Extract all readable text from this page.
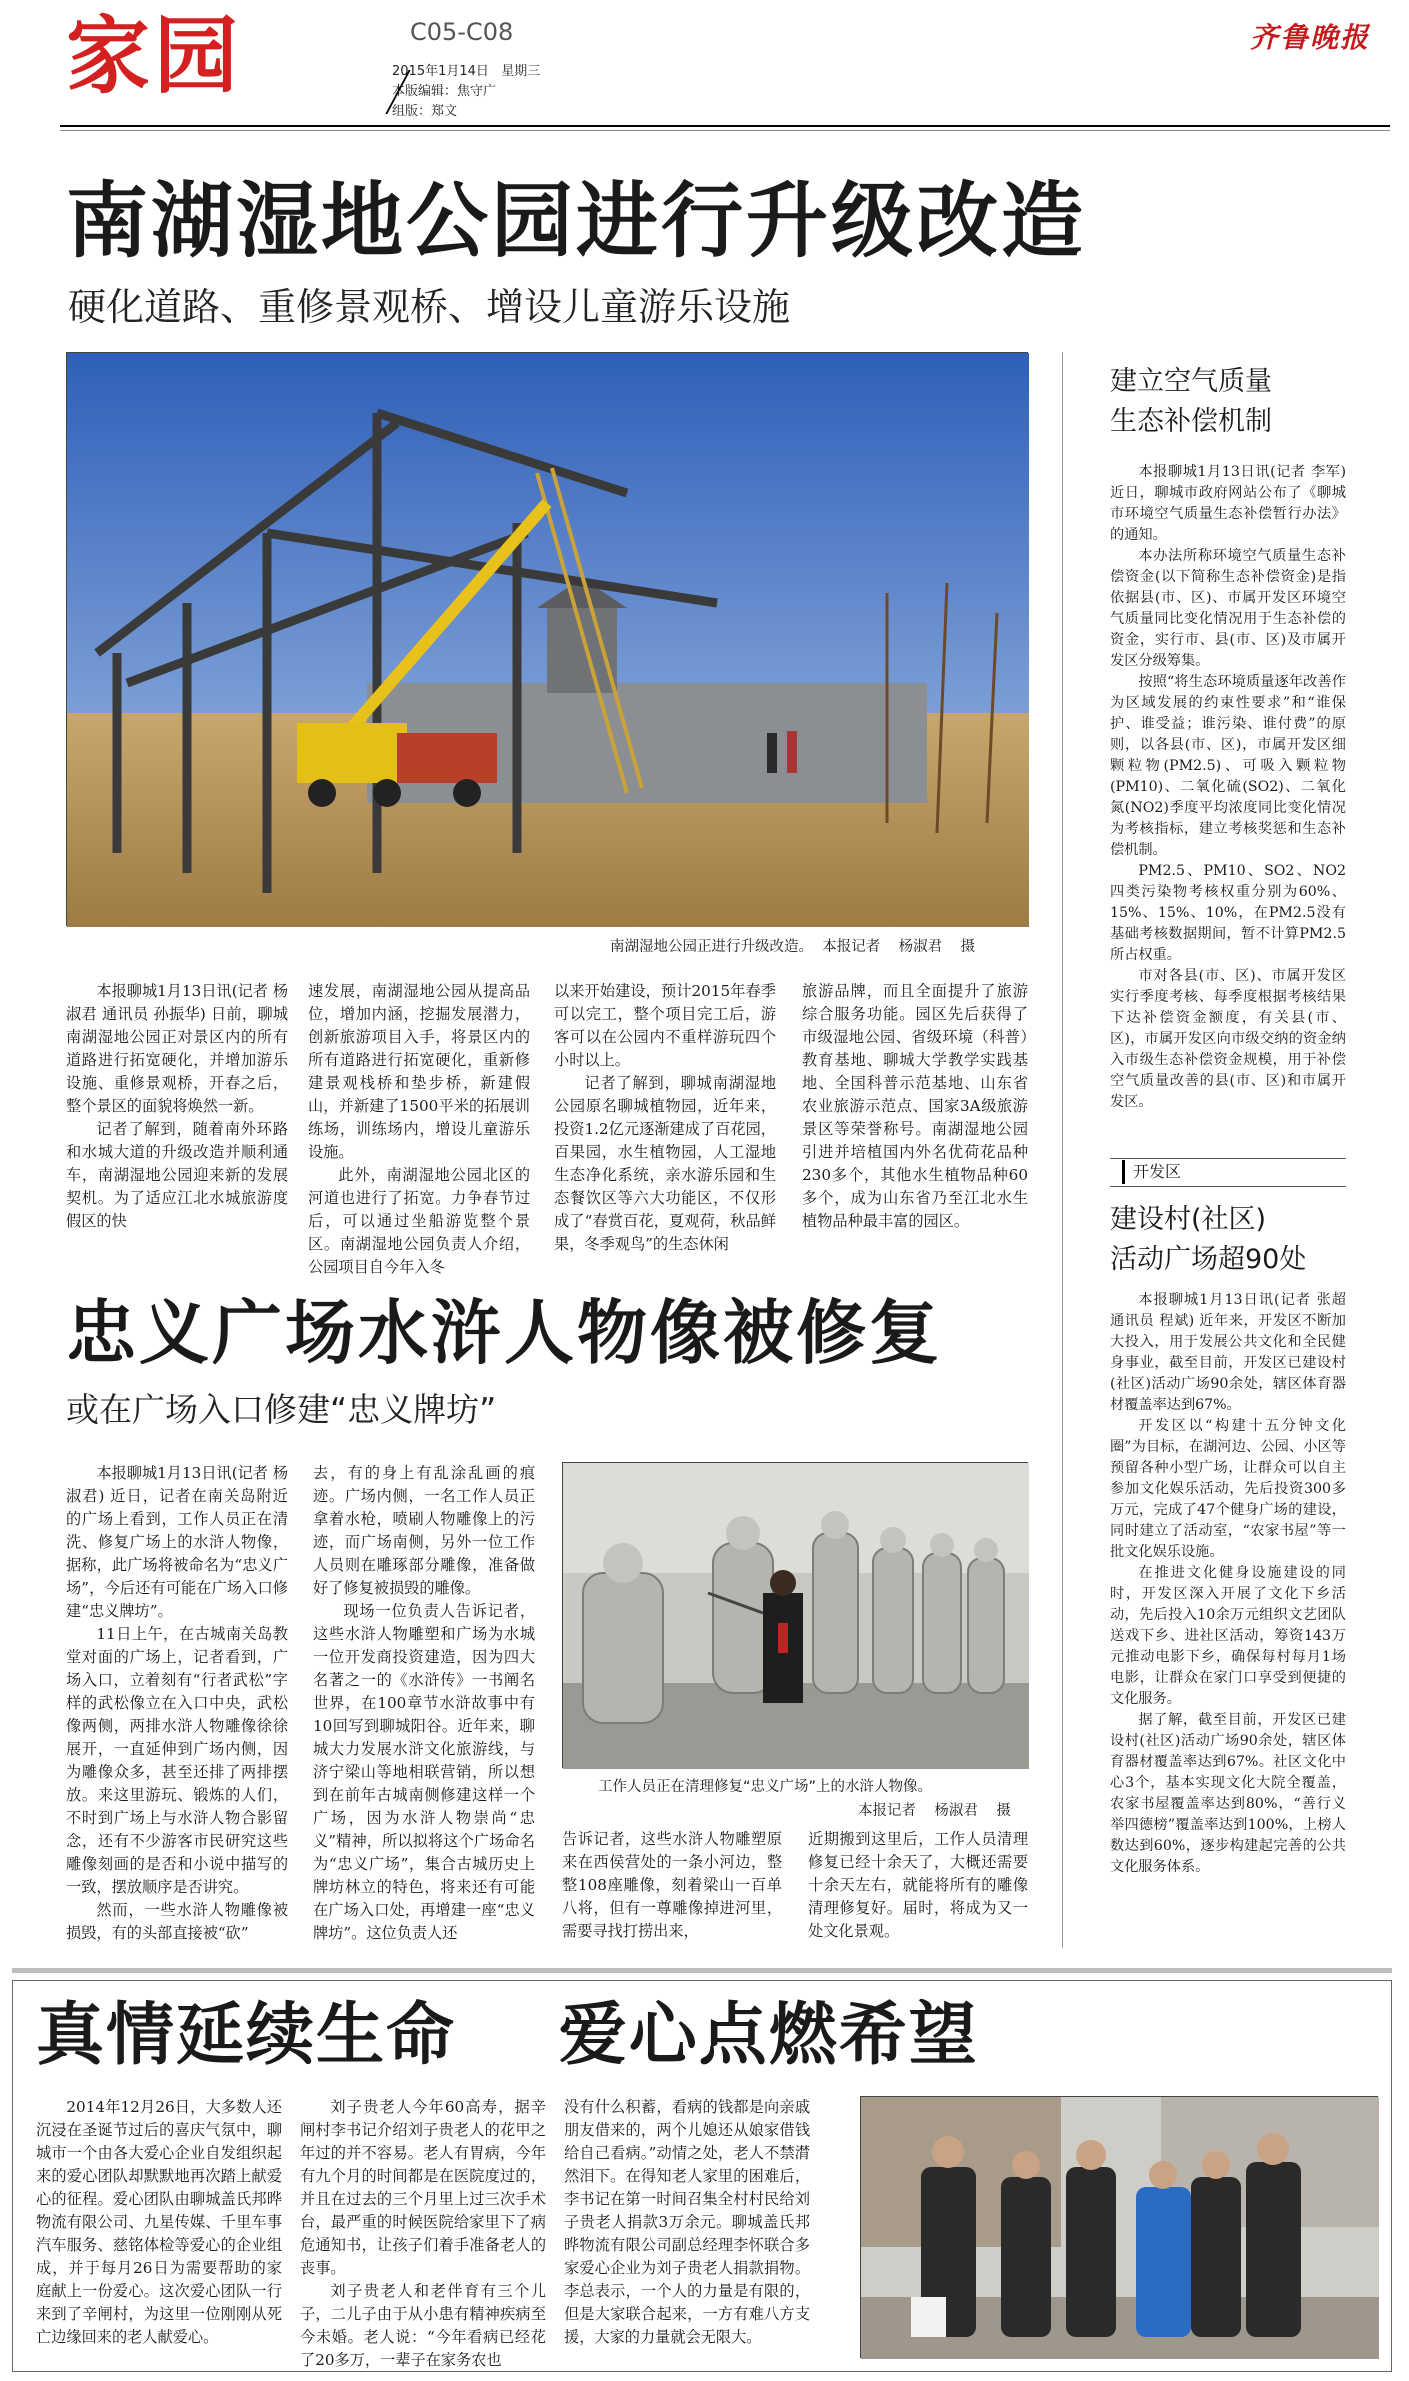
家园	C05-C08
2015年1月14日   星期三
本版编辑：焦守广
组版：郑文
齐鲁晚报
南湖湿地公园进行升级改造
硬化道路、重修景观桥、增设儿童游乐设施
南湖湿地公园正进行升级改造。  本报记者    杨淑君    摄

本报聊城1月13日讯(记者 杨淑君 通讯员 孙振华) 日前，聊城南湖湿地公园正对景区内的所有道路进行拓宽硬化，并增加游乐设施、重修景观桥，开春之后，整个景区的面貌将焕然一新。

记者了解到，随着南外环路和水城大道的升级改造并顺利通车，南湖湿地公园迎来新的发展契机。为了适应江北水城旅游度假区的快

速发展，南湖湿地公园从提高品位，增加内涵，挖掘发展潜力，创新旅游项目入手，将景区内的所有道路进行拓宽硬化，重新修建景观栈桥和垫步桥，新建假山，并新建了1500平米的拓展训练场，训练场内，增设儿童游乐设施。

此外，南湖湿地公园北区的河道也进行了拓宽。力争春节过后，可以通过坐船游览整个景区。南湖湿地公园负责人介绍，公园项目自今年入冬

以来开始建设，预计2015年春季可以完工，整个项目完工后，游客可以在公园内不重样游玩四个小时以上。

记者了解到，聊城南湖湿地公园原名聊城植物园，近年来，投资1.2亿元逐渐建成了百花园，百果园，水生植物园，人工湿地生态净化系统，亲水游乐园和生态餐饮区等六大功能区，不仅形成了“春赏百花，夏观荷，秋品鲜果，冬季观鸟”的生态休闲

旅游品牌，而且全面提升了旅游综合服务功能。园区先后获得了市级湿地公园、省级环境（科普）教育基地、聊城大学教学实践基地、全国科普示范基地、山东省农业旅游示范点、国家3A级旅游景区等荣誉称号。南湖湿地公园引进并培植国内外名优荷花品种230多个，其他水生植物品种60多个，成为山东省乃至江北水生植物品种最丰富的园区。

忠义广场水浒人物像被修复
或在广场入口修建“忠义牌坊”

本报聊城1月13日讯(记者 杨淑君) 近日，记者在南关岛附近的广场上看到，工作人员正在清洗、修复广场上的水浒人物像，据称，此广场将被命名为“忠义广场”，今后还有可能在广场入口修建“忠义牌坊”。

11日上午，在古城南关岛教堂对面的广场上，记者看到，广场入口，立着刻有“行者武松”字样的武松像立在入口中央，武松像两侧，两排水浒人物雕像徐徐展开，一直延伸到广场内侧，因为雕像众多，甚至还排了两排摆放。来这里游玩、锻炼的人们，不时到广场上与水浒人物合影留念，还有不少游客市民研究这些雕像刻画的是否和小说中描写的一致，摆放顺序是否讲究。

然而，一些水浒人物雕像被损毁，有的头部直接被“砍”

去，有的身上有乱涂乱画的痕迹。广场内侧，一名工作人员正拿着水枪，喷刷人物雕像上的污迹，而广场南侧，另外一位工作人员则在雕琢部分雕像，准备做好了修复被损毁的雕像。

现场一位负责人告诉记者，这些水浒人物雕塑和广场为水城一位开发商投资建造，因为四大名著之一的《水浒传》一书阐名世界，在100章节水浒故事中有10回写到聊城阳谷。近年来，聊城大力发展水浒文化旅游线，与济宁梁山等地相联营销，所以想到在前年古城南侧修建这样一个广场，因为水浒人物崇尚“忠义”精神，所以拟将这个广场命名为“忠义广场”，集合古城历史上牌坊林立的特色，将来还有可能在广场入口处，再增建一座“忠义牌坊”。这位负责人还

工作人员正在清理修复“忠义广场”上的水浒人物像。
本报记者    杨淑君    摄

告诉记者，这些水浒人物雕塑原来在西侯营处的一条小河边，整整108座雕像，刻着梁山一百单八将，但有一尊雕像掉进河里，需要寻找打捞出来，

近期搬到这里后，工作人员清理修复已经十余天了，大概还需要十余天左右，就能将所有的雕像清理修复好。届时，将成为又一处文化景观。

建立空气质量
生态补偿机制

本报聊城1月13日讯(记者 李军) 近日，聊城市政府网站公布了《聊城市环境空气质量生态补偿暂行办法》的通知。

本办法所称环境空气质量生态补偿资金(以下简称生态补偿资金)是指依据县(市、区)、市属开发区环境空气质量同比变化情况用于生态补偿的资金，实行市、县(市、区)及市属开发区分级筹集。

按照“将生态环境质量逐年改善作为区域发展的约束性要求”和“谁保护、谁受益；谁污染、谁付费”的原则，以各县(市、区)，市属开发区细颗粒物(PM2.5)、可吸入颗粒物(PM10)、二氧化硫(SO2)、二氧化氮(NO2)季度平均浓度同比变化情况为考核指标，建立考核奖惩和生态补偿机制。

PM2.5、PM10、SO2、NO2四类污染物考核权重分别为60%、15%、15%、10%，在PM2.5没有基础考核数据期间，暂不计算PM2.5所占权重。

市对各县(市、区)、市属开发区实行季度考核、每季度根据考核结果下达补偿资金额度，有关县(市、区)，市属开发区向市级交纳的资金纳入市级生态补偿资金规模，用于补偿空气质量改善的县(市、区)和市属开发区。

开发区
建设村(社区)
活动广场超90处

本报聊城1月13日讯(记者 张超 通讯员 程斌) 近年来，开发区不断加大投入，用于发展公共文化和全民健身事业，截至目前，开发区已建设村(社区)活动广场90余处，辖区体育器材覆盖率达到67%。

开发区以“构建十五分钟文化圈”为目标，在湖河边、公园、小区等预留各种小型广场，让群众可以自主参加文化娱乐活动，先后投资300多万元，完成了47个健身广场的建设，同时建立了活动室，“农家书屋”等一批文化娱乐设施。

在推进文化健身设施建设的同时，开发区深入开展了文化下乡活动，先后投入10余万元组织文艺团队送戏下乡、进社区活动，筹资143万元推动电影下乡，确保每村每月1场电影，让群众在家门口享受到便捷的文化服务。

据了解，截至目前，开发区已建设村(社区)活动广场90余处，辖区体育器材覆盖率达到67%。社区文化中心3个，基本实现文化大院全覆盖，农家书屋覆盖率达到80%，“善行义举四德榜”覆盖率达到100%，上榜人数达到60%，逐步构建起完善的公共文化服务体系。

真情延续生命    爱心点燃希望

2014年12月26日，大多数人还沉浸在圣诞节过后的喜庆气氛中，聊城市一个由各大爱心企业自发组织起来的爱心团队却默默地再次踏上献爱心的征程。爱心团队由聊城盖氏邦晔物流有限公司、九星传媒、千里车事汽车服务、慈铭体检等爱心的企业组成，并于每月26日为需要帮助的家庭献上一份爱心。这次爱心团队一行来到了辛闸村，为这里一位刚刚从死亡边缘回来的老人献爱心。

刘子贵老人今年60高寿，据辛闸村李书记介绍刘子贵老人的花甲之年过的并不容易。老人有胃病，今年有九个月的时间都是在医院度过的，并且在过去的三个月里上过三次手术台，最严重的时候医院给家里下了病危通知书，让孩子们着手准备老人的丧事。

刘子贵老人和老伴育有三个儿子，二儿子由于从小患有精神疾病至今未婚。老人说：“今年看病已经花了20多万，一辈子在家务农也

没有什么积蓄，看病的钱都是向亲戚朋友借来的，两个儿媳还从娘家借钱给自己看病。”动情之处，老人不禁潸然泪下。在得知老人家里的困难后，李书记在第一时间召集全村村民给刘子贵老人捐款3万余元。聊城盖氏邦晔物流有限公司副总经理李怀联合多家爱心企业为刘子贵老人捐款捐物。李总表示，一个人的力量是有限的，但是大家联合起来，一方有难八方支援，大家的力量就会无限大。
